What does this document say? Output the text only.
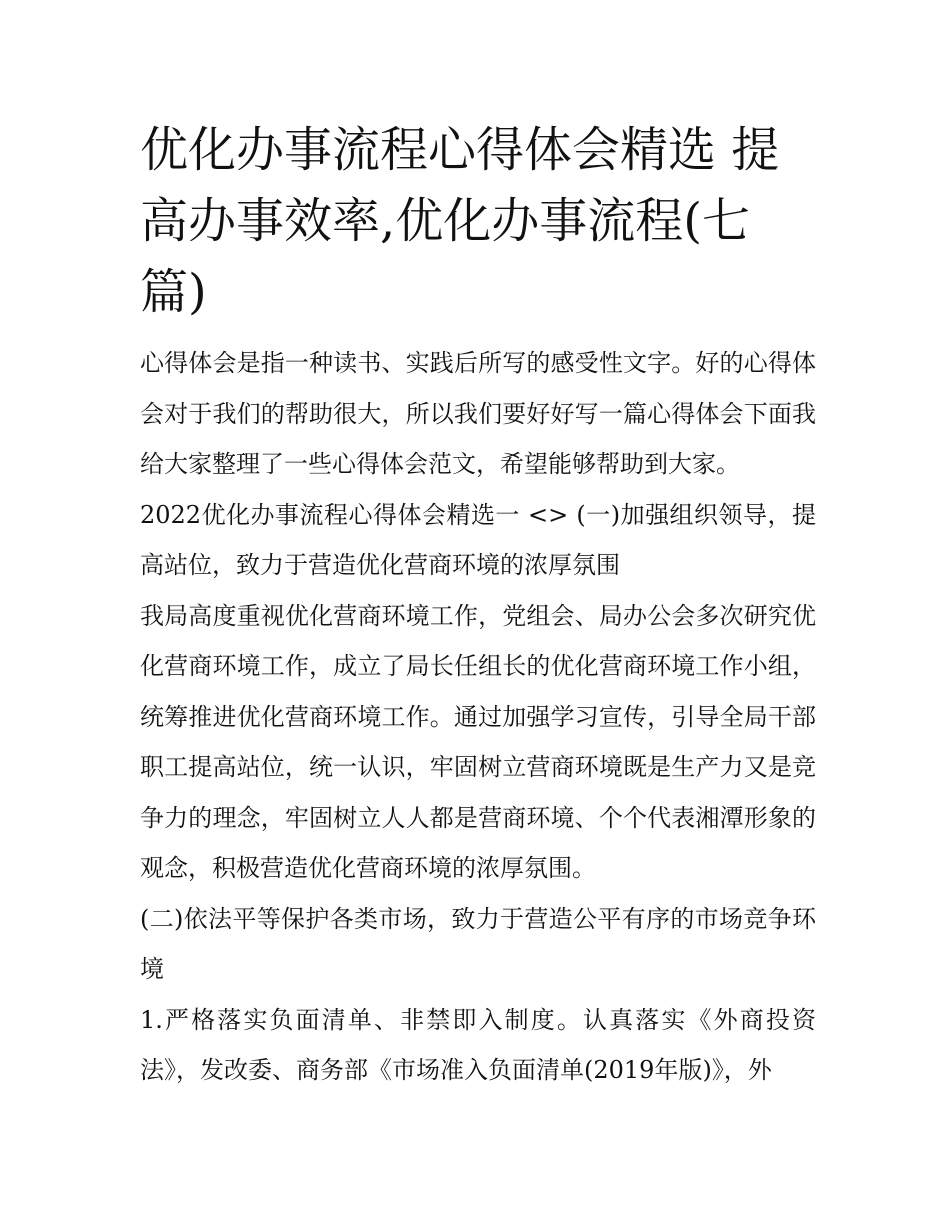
优化办事流程心得体会精选 提高办事效率,优化办事流程(七篇)

心得体会是指一种读书、实践后所写的感受性文字。好的心得体会对于我们的帮助很大，所以我们要好好写一篇心得体会下面我给大家整理了一些心得体会范文，希望能够帮助到大家。

2022优化办事流程心得体会精选一 <> (一)加强组织领导，提高站位，致力于营造优化营商环境的浓厚氛围

我局高度重视优化营商环境工作，党组会、局办公会多次研究优化营商环境工作，成立了局长任组长的优化营商环境工作小组，统筹推进优化营商环境工作。通过加强学习宣传，引导全局干部职工提高站位，统一认识，牢固树立营商环境既是生产力又是竞争力的理念，牢固树立人人都是营商环境、个个代表湘潭形象的观念，积极营造优化营商环境的浓厚氛围。

(二)依法平等保护各类市场，致力于营造公平有序的市场竞争环境

1.严格落实负面清单、非禁即入制度。认真落实《外商投资法》，发改委、商务部《市场准入负面清单(2019年版)》，外
